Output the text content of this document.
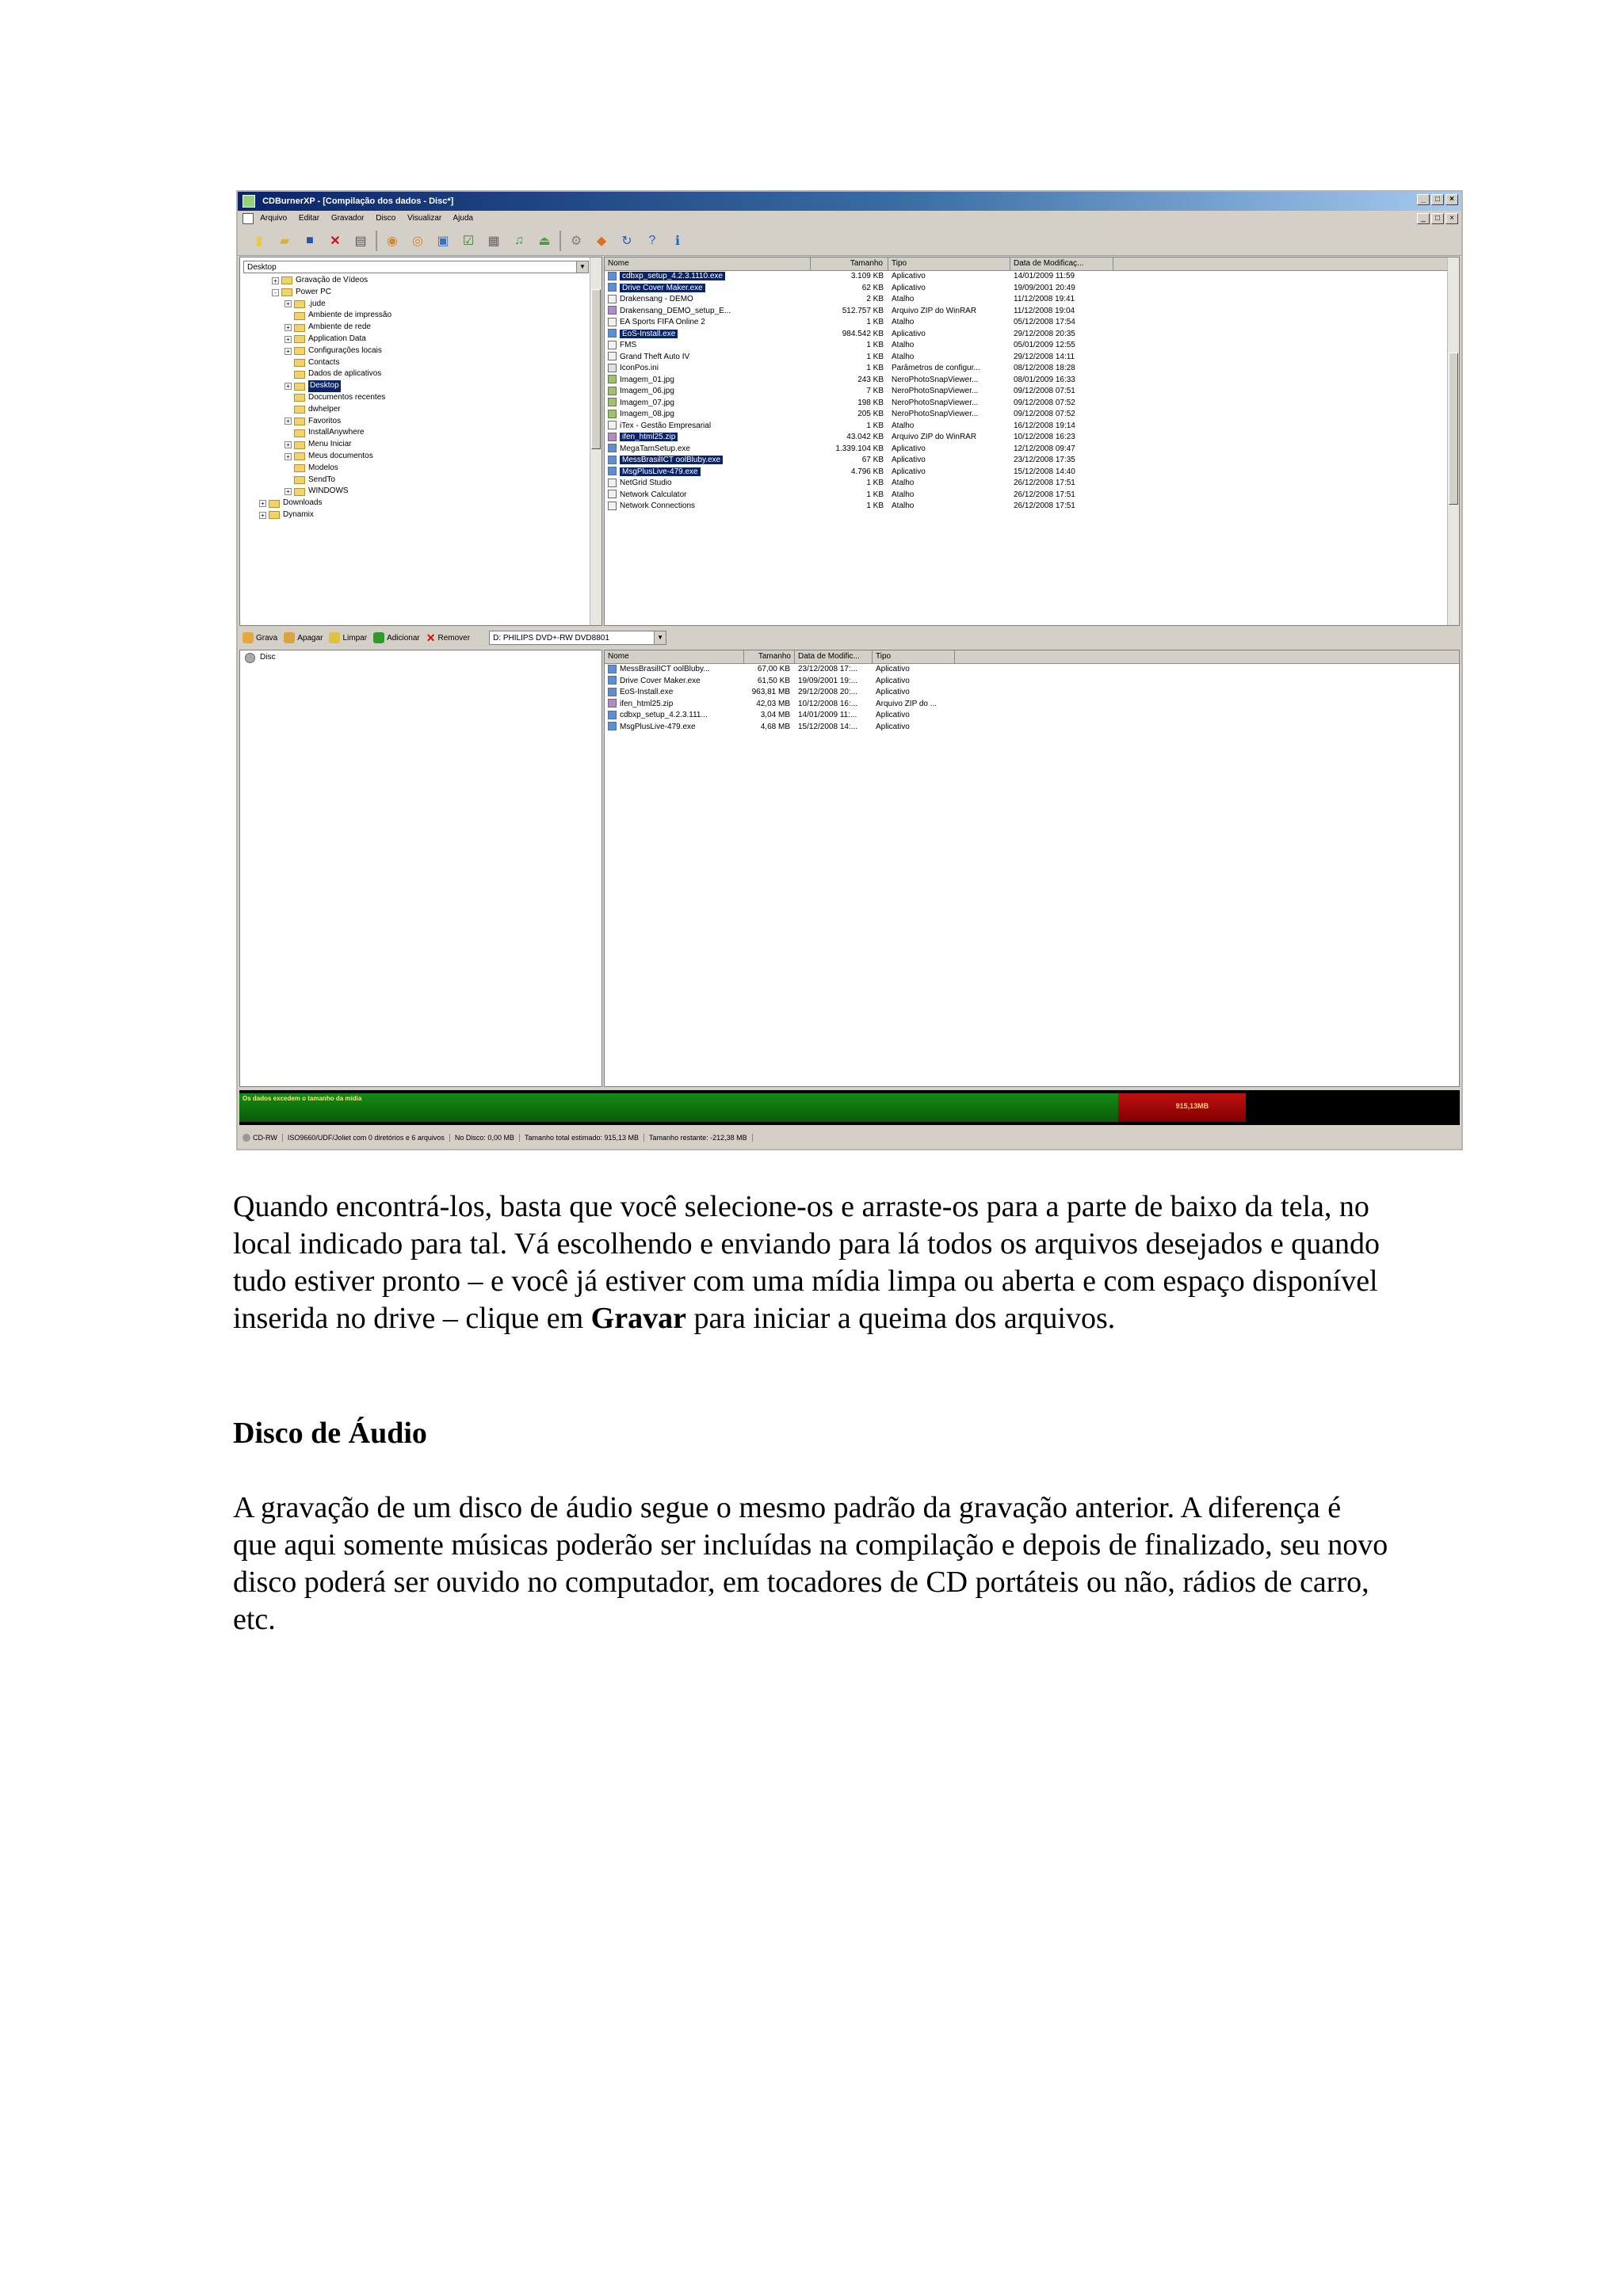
CDBurnerXP - [Compilação dos dados - Disc*]	_	□	×
Arquivo Editar Gravador Disco Visualizar Ajuda	_	□	×
▮	▰	■	✕	▤	◉	◎	▣	☑	▦	♫	⏏	⚙	◆	↻	?	ℹ
Desktop	▼
+ Gravação de Vídeos
-	Power PC
+ .jude
Ambiente de impressão
+ Ambiente de rede
+ Application Data
+ Configurações locais
Contacts
Dados de aplicativos
+	Desktop
Documentos recentes
dwhelper
+ Favoritos
InstallAnywhere
+ Menu Iniciar
+ Meus documentos
Modelos
SendTo
+ WINDOWS
+ Downloads
+ Dynamix
Nome	Tamanho	Tipo	Data de Modificaç...
cdbxp_setup_4.2.3.1110.exe	3.109 KB	Aplicativo	14/01/2009 11:59
Drive Cover Maker.exe	62 KB	Aplicativo	19/09/2001 20:49
Drakensang - DEMO	2 KB	Atalho	11/12/2008 19:41
Drakensang_DEMO_setup_E...	512.757 KB	Arquivo ZIP do WinRAR	11/12/2008 19:04
EA Sports FIFA Online 2	1 KB	Atalho	05/12/2008 17:54
EoS-Install.exe	984.542 KB	Aplicativo	29/12/2008 20:35
FMS	1 KB	Atalho	05/01/2009 12:55
Grand Theft Auto IV	1 KB	Atalho	29/12/2008 14:11
IconPos.ini	1 KB	Parâmetros de configur...	08/12/2008 18:28
Imagem_01.jpg	243 KB	NeroPhotoSnapViewer...	08/01/2009 16:33
Imagem_06.jpg	7 KB	NeroPhotoSnapViewer...	09/12/2008 07:51
Imagem_07.jpg	198 KB	NeroPhotoSnapViewer...	09/12/2008 07:52
Imagem_08.jpg	205 KB	NeroPhotoSnapViewer...	09/12/2008 07:52
iTex - Gestão Empresarial	1 KB	Atalho	16/12/2008 19:14
ifen_html25.zip	43.042 KB	Arquivo ZIP do WinRAR	10/12/2008 16:23
MegaTamSetup.exe	1.339.104 KB	Aplicativo	12/12/2008 09:47
MessBrasilICT oolBluby.exe	67 KB	Aplicativo	23/12/2008 17:35
MsgPlusLive-479.exe	4.796 KB	Aplicativo	15/12/2008 14:40
NetGrid Studio	1 KB	Atalho	26/12/2008 17:51
Network Calculator	1 KB	Atalho	26/12/2008 17:51
Network Connections	1 KB	Atalho	26/12/2008 17:51
Grava	Apagar	Limpar	Adicionar ✕ Remover	D: PHILIPS DVD+-RW DVD8801	▼
Disc	Nome	Tamanho Data de Modific...	Tipo
MessBrasilICT oolBluby...	67,00 KB	23/12/2008 17:...	Aplicativo
Drive Cover Maker.exe	61,50 KB	19/09/2001 19:...	Aplicativo
EoS-Install.exe	963,81 MB	29/12/2008 20:...	Aplicativo
ifen_html25.zip	42,03 MB	10/12/2008 16:...	Arquivo ZIP do ...
cdbxp_setup_4.2.3.111...	3,04 MB	14/01/2009 11:...	Aplicativo
MsgPlusLive-479.exe	4,68 MB	15/12/2008 14:...	Aplicativo
Os dados excedem o tamanho da mídia
915,13MB
CD-RW	ISO9660/UDF/Joliet com 0 diretórios e 6 arquivos	No Disco: 0,00 MB	Tamanho total estimado: 915,13 MB	Tamanho restante: -212,38 MB

Quando encontrá-los, basta que você selecione-os e arraste-os para a parte de baixo da tela, no local indicado para tal. Vá escolhendo e enviando para lá todos os arquivos desejados e quando tudo estiver pronto – e você já estiver com uma mídia limpa ou aberta e com espaço disponível inserida no drive – clique em Gravar para iniciar a queima dos arquivos.

Disco de Áudio

A gravação de um disco de áudio segue o mesmo padrão da gravação anterior. A diferença é que aqui somente músicas poderão ser incluídas na compilação e depois de finalizado, seu novo disco poderá ser ouvido no computador, em tocadores de CD portáteis ou não, rádios de carro, etc.
